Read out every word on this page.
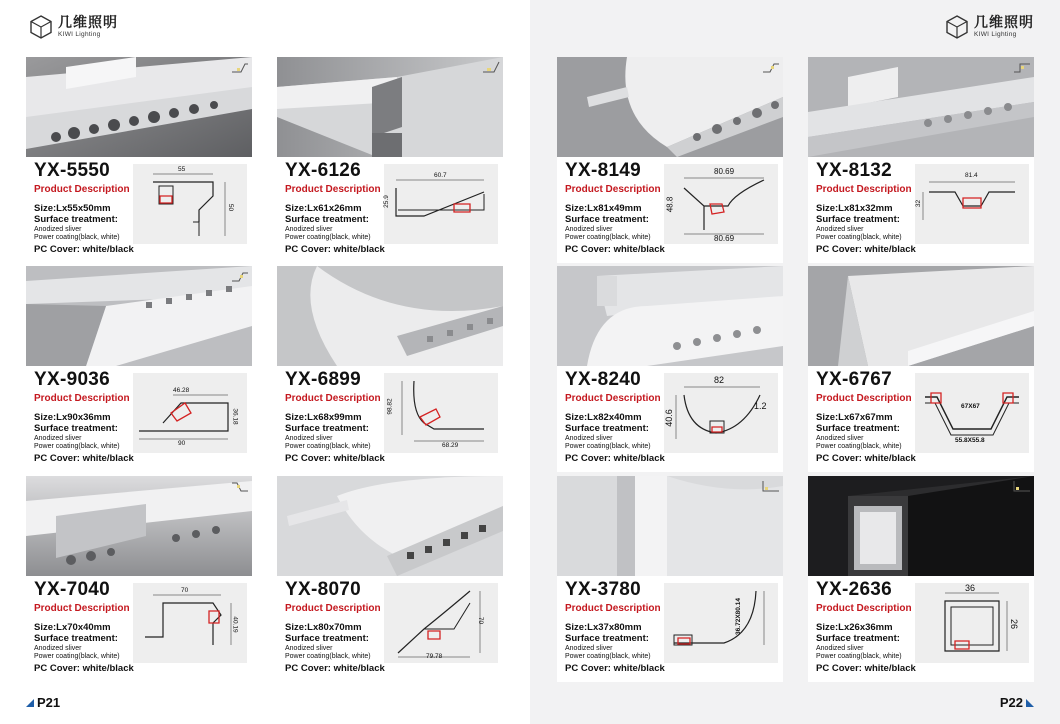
几维照明
KIWI Lighting
YX-5550
Product Description
Size:Lx55x50mm
Surface treatment:
Anodized sliver
Power coating(black, white)
PC Cover: white/black
55
50
YX-6126
Product Description
Size:Lx61x26mm
Surface treatment:
Anodized sliver
Power coating(black, white)
PC Cover: white/black
60.7
25.9
YX-9036
Product Description
Size:Lx90x36mm
Surface treatment:
Anodized sliver
Power coating(black, white)
PC Cover: white/black
46.28
36.18
90
YX-6899
Product Description
Size:Lx68x99mm
Surface treatment:
Anodized sliver
Power coating(black, white)
PC Cover: white/black
98.82
68.29
YX-7040
Product Description
Size:Lx70x40mm
Surface treatment:
Anodized sliver
Power coating(black, white)
PC Cover: white/black
70
40.19
YX-8070
Product Description
Size:Lx80x70mm
Surface treatment:
Anodized sliver
Power coating(black, white)
PC Cover: white/black
70
79.78
P21
几维照明
KIWI Lighting
YX-8149
Product Description
Size:Lx81x49mm
Surface treatment:
Anodized sliver
Power coating(black, white)
PC Cover: white/black
80.69
48.8
80.69
YX-8132
Product Description
Size:Lx81x32mm
Surface treatment:
Anodized sliver
Power coating(black, white)
PC Cover: white/black
81.4
32
YX-8240
Product Description
Size:Lx82x40mm
Surface treatment:
Anodized sliver
Power coating(black, white)
PC Cover: white/black
82
40.6
1.2
YX-6767
Product Description
Size:Lx67x67mm
Surface treatment:
Anodized sliver
Power coating(black, white)
PC Cover: white/black
67X67
55.8X55.8
YX-3780
Product Description
Size:Lx37x80mm
Surface treatment:
Anodized sliver
Power coating(black, white)
PC Cover: white/black
36.72X80.14
YX-2636
Product Description
Size:Lx26x36mm
Surface treatment:
Anodized sliver
Power coating(black, white)
PC Cover: white/black
36
26
P22
